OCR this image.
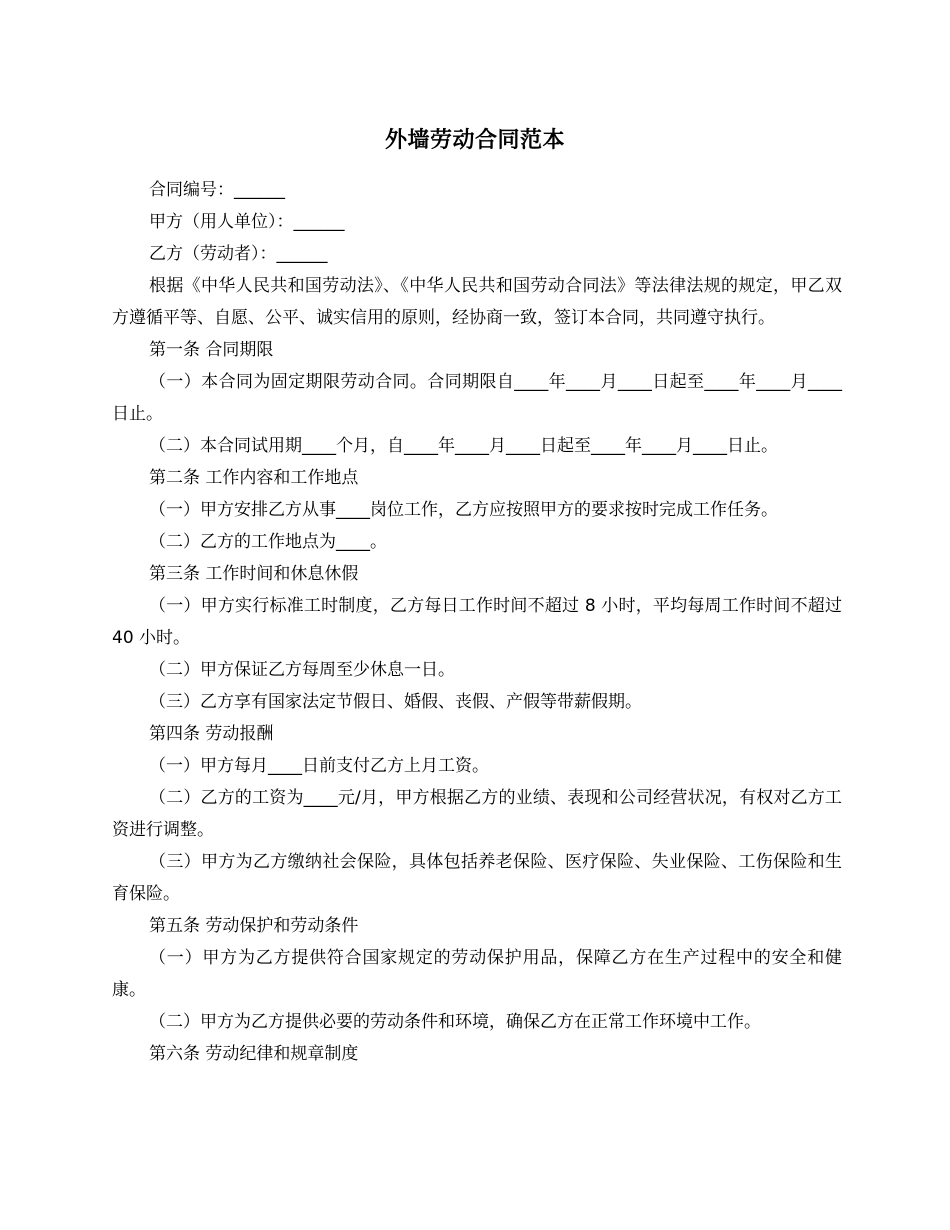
外墙劳动合同范本

合同编号：______

甲方（用人单位）：______

乙方（劳动者）：______

根据《中华人民共和国劳动法》、《中华人民共和国劳动合同法》等法律法规的规定，甲乙双方遵循平等、自愿、公平、诚实信用的原则，经协商一致，签订本合同，共同遵守执行。

第一条 合同期限

（一）本合同为固定期限劳动合同。合同期限自____年____月____日起至____年____月____日止。

（二）本合同试用期____个月，自____年____月____日起至____年____月____日止。

第二条 工作内容和工作地点

（一）甲方安排乙方从事____岗位工作，乙方应按照甲方的要求按时完成工作任务。

（二）乙方的工作地点为____。

第三条 工作时间和休息休假

（一）甲方实行标准工时制度，乙方每日工作时间不超过 8 小时，平均每周工作时间不超过 40 小时。

（二）甲方保证乙方每周至少休息一日。

（三）乙方享有国家法定节假日、婚假、丧假、产假等带薪假期。

第四条 劳动报酬

（一）甲方每月____日前支付乙方上月工资。

（二）乙方的工资为____元/月，甲方根据乙方的业绩、表现和公司经营状况，有权对乙方工资进行调整。

（三）甲方为乙方缴纳社会保险，具体包括养老保险、医疗保险、失业保险、工伤保险和生育保险。

第五条 劳动保护和劳动条件

（一）甲方为乙方提供符合国家规定的劳动保护用品，保障乙方在生产过程中的安全和健康。

（二）甲方为乙方提供必要的劳动条件和环境，确保乙方在正常工作环境中工作。

第六条 劳动纪律和规章制度
